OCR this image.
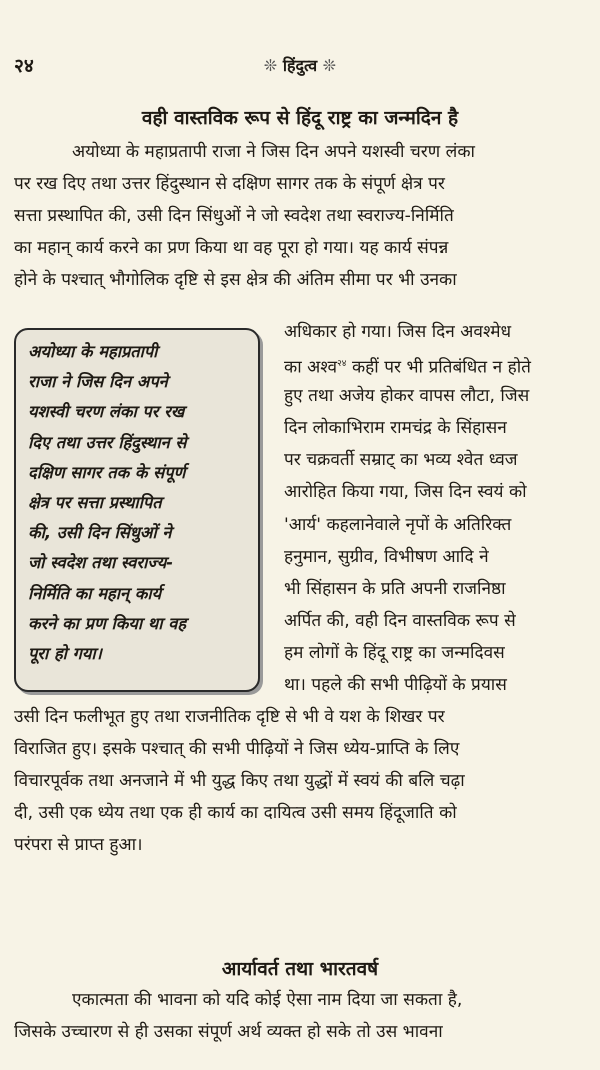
२४	❊ हिंदुत्व ❊
वही वास्तविक रूप से हिंदू राष्ट्र का जन्मदिन है
अयोध्या के महाप्रतापी राजा ने जिस दिन अपने यशस्वी चरण लंका
पर रख दिए तथा उत्तर हिंदुस्थान से दक्षिण सागर तक के संपूर्ण क्षेत्र पर
सत्ता प्रस्थापित की, उसी दिन सिंधुओं ने जो स्वदेश तथा स्वराज्य-निर्मिति
का महान् कार्य करने का प्रण किया था वह पूरा हो गया। यह कार्य संपन्न
होने के पश्चात् भौगोलिक दृष्टि से इस क्षेत्र की अंतिम सीमा पर भी उनका
अधिकार हो गया। जिस दिन अवश्मेध
का अश्व$^{२४}$ कहीं पर भी प्रतिबंधित न होते
हुए तथा अजेय होकर वापस लौटा, जिस
दिन लोकाभिराम रामचंद्र के सिंहासन
पर चक्रवर्ती सम्राट् का भव्य श्वेत ध्वज
आरोहित किया गया, जिस दिन स्वयं को
'आर्य' कहलानेवाले नृपों के अतिरिक्त
हनुमान, सुग्रीव, विभीषण आदि ने
भी सिंहासन के प्रति अपनी राजनिष्ठा
अर्पित की, वही दिन वास्तविक रूप से
हम लोगों के हिंदू राष्ट्र का जन्मदिवस
था। पहले की सभी पीढ़ियों के प्रयास
अयोध्या के महाप्रतापी
राजा ने जिस दिन अपने
यशस्वी चरण लंका पर रख
दिए तथा उत्तर हिंदुस्थान से
दक्षिण सागर तक के संपूर्ण
क्षेत्र पर सत्ता प्रस्थापित
की, उसी दिन सिंधुओं ने
जो स्वदेश तथा स्वराज्य-
निर्मिति का महान् कार्य
करने का प्रण किया था वह
पूरा हो गया।
उसी दिन फलीभूत हुए तथा राजनीतिक दृष्टि से भी वे यश के शिखर पर
विराजित हुए। इसके पश्चात् की सभी पीढ़ियों ने जिस ध्येय-प्राप्ति के लिए
विचारपूर्वक तथा अनजाने में भी युद्ध किए तथा युद्धों में स्वयं की बलि चढ़ा
दी, उसी एक ध्येय तथा एक ही कार्य का दायित्व उसी समय हिंदूजाति को
परंपरा से प्राप्त हुआ।
आर्यावर्त तथा भारतवर्ष
एकात्मता की भावना को यदि कोई ऐसा नाम दिया जा सकता है,
जिसके उच्चारण से ही उसका संपूर्ण अर्थ व्यक्त हो सके तो उस भावना
